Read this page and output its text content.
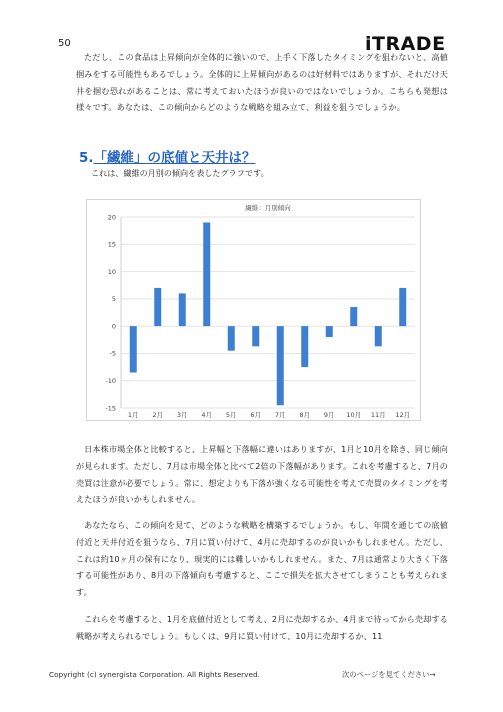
50	iTRADE

ただし、この食品は上昇傾向が全体的に強いので、上手く下落したタイミングを狙わないと、高値掴みをする可能性もあるでしょう。全体的に上昇傾向があるのは好材料ではありますが、それだけ天井を掴む恐れがあることは、常に考えておいたほうが良いのではないでしょうか。こちらも発想は様々です。あなたは、この傾向からどのような戦略を組み立て、利益を狙うでしょうか。

5.「繊維」の底値と天井は？
これは、繊維の月別の傾向を表したグラフです。
繊維：月別傾向
20
15
10
5
0
-5
-10
-15
1月 2月 3月 4月 5月 6月 7月 8月 9月 10月 11月 12月

日本株市場全体と比較すると、上昇幅と下落幅に違いはありますが、1月と10月を除き、同じ傾向が見られます。ただし、7月は市場全体と比べて2倍の下落幅があります。これを考慮すると、7月の売買は注意が必要でしょう。常に、想定よりも下落が強くなる可能性を考えて売買のタイミングを考えたほうが良いかもしれません。

あなたなら、この傾向を見て、どのような戦略を構築するでしょうか。もし、年間を通じての底値付近と天井付近を狙うなら、7月に買い付けて、4月に売却するのが良いかもしれません。ただし、これは約10ヶ月の保有になり、現実的には難しいかもしれません。また、7月は通常より大きく下落する可能性があり、8月の下落傾向も考慮すると、ここで損失を拡大させてしまうことも考えられます。

これらを考慮すると、1月を底値付近として考え、2月に売却するか、4月まで待ってから売却する戦略が考えられるでしょう。もしくは、9月に買い付けて、10月に売却するか、11

Copyright (c) synergista Corporation. All Rights Reserved.	次のページを見てください→
